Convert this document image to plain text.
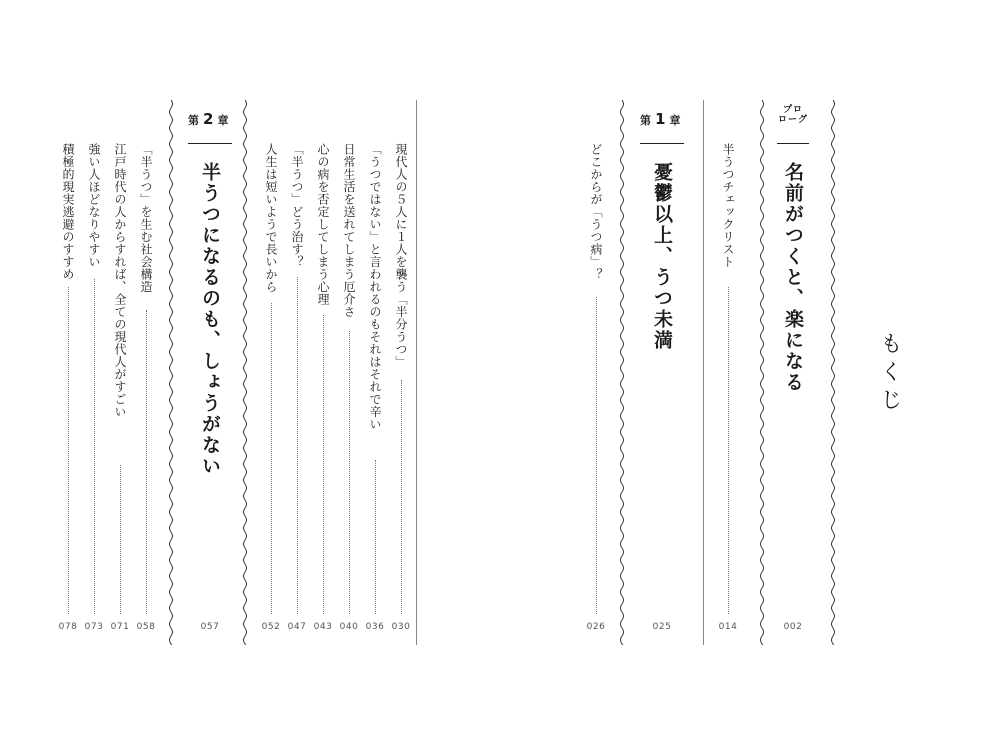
もくじ
プロ
ローグ
名前がつくと、楽になる
002
半うつチェックリスト
014
第 1 章
憂鬱以上、うつ未満
025
どこからが「うつ病」？
026
現代人の５人に１人を襲う「半分うつ」
030
「うつではない」と言われるのもそれはそれで辛い
036
日常生活を送れてしまう厄介さ
040
心の病を否定してしまう心理
043
「半うつ」どう治す？
047
人生は短いようで長いから
052
第 2 章
半うつになるのも、しょうがない
057
「半うつ」を生む社会構造
058
江戸時代の人からすれば、全ての現代人がすごい
071
強い人ほどなりやすい
073
積極的現実逃避のすすめ
078
